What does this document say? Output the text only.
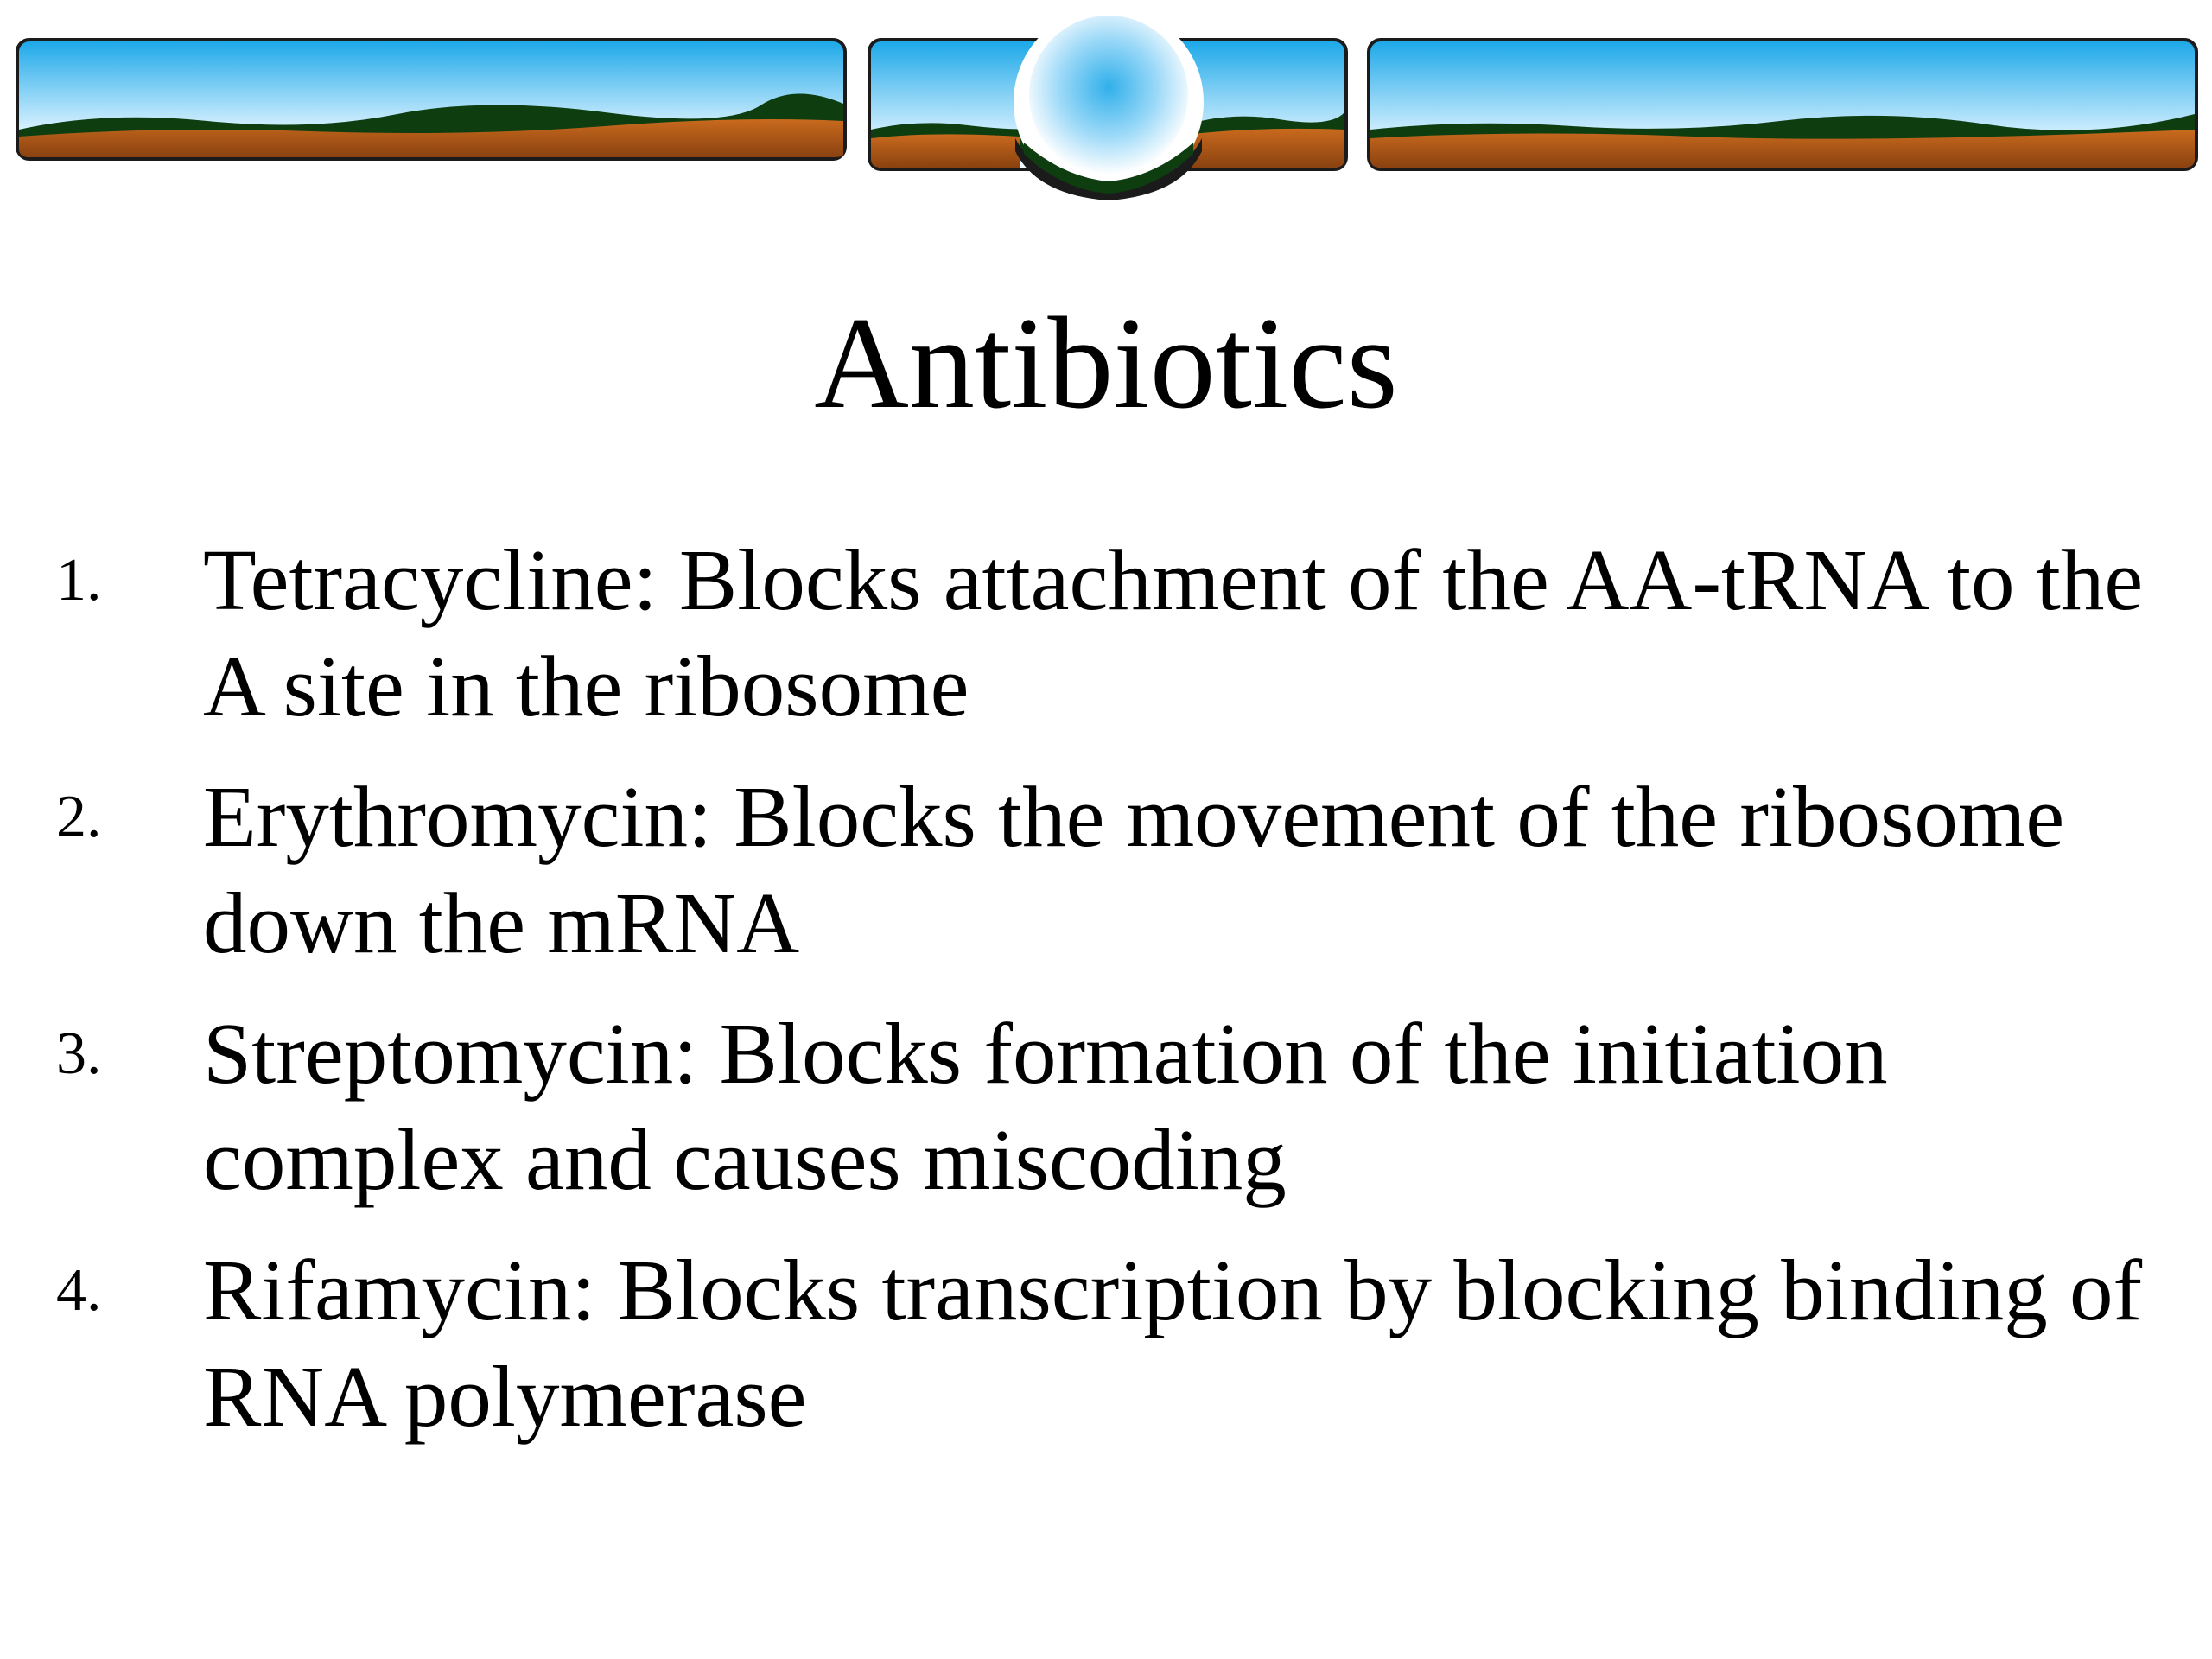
Antibiotics
1. Tetracycline: Blocks attachment of the AA-tRNA to the A site in the ribosome
2. Erythromycin: Blocks the movement of the ribosome down the mRNA
3. Streptomycin: Blocks formation of the initiation complex and causes miscoding
4. Rifamycin: Blocks transcription by blocking binding of RNA polymerase
